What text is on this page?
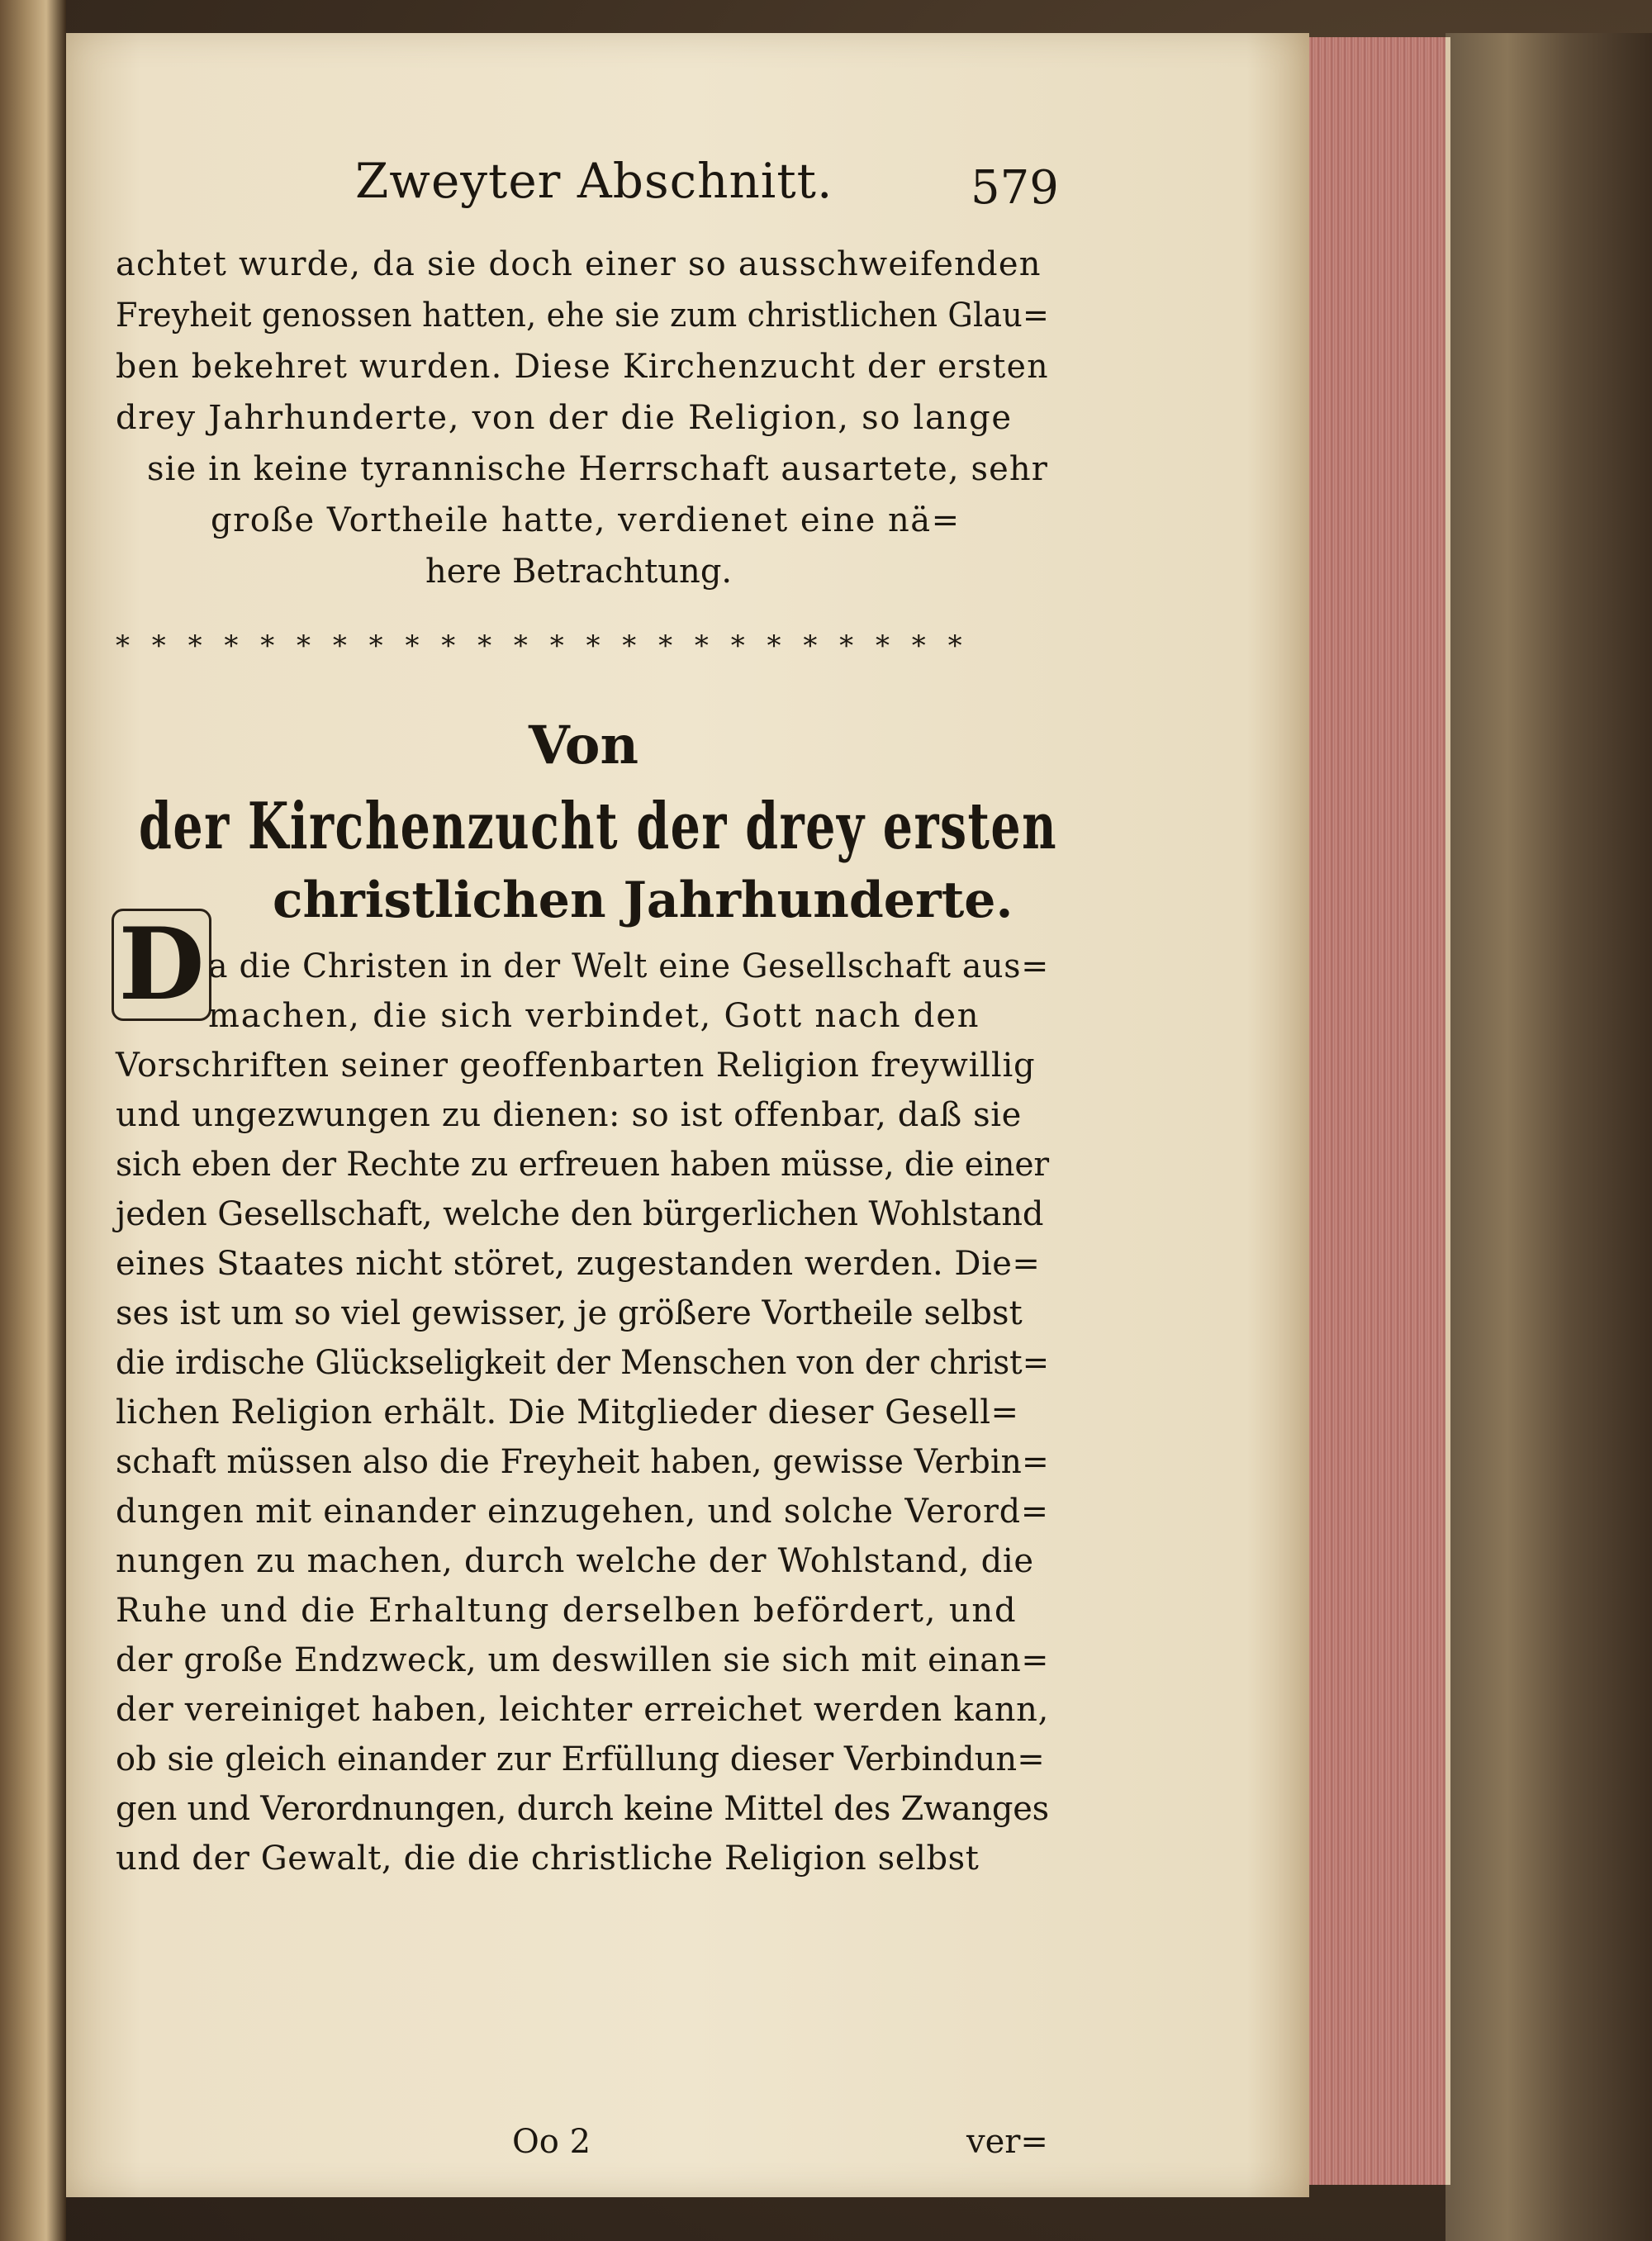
Zweyter Abschnitt.	579
achtet wurde, da sie doch einer so ausschweifenden
Freyheit genossen hatten, ehe sie zum christlichen Glau=
ben bekehret wurden. Diese Kirchenzucht der ersten
drey Jahrhunderte, von der die Religion, so lange
sie in keine tyrannische Herrschaft ausartete, sehr
große Vortheile hatte, verdienet eine nä=
here Betrachtung.
* * * * * * * * * * * * * * * * * * * * * * * *
Von
der Kirchenzucht der drey ersten
christlichen Jahrhunderte.
D a die Christen in der Welt eine Gesellschaft aus=
machen, die sich verbindet, Gott nach den
Vorschriften seiner geoffenbarten Religion freywillig
und ungezwungen zu dienen: so ist offenbar, daß sie
sich eben der Rechte zu erfreuen haben müsse, die einer
jeden Gesellschaft, welche den bürgerlichen Wohlstand
eines Staates nicht störet, zugestanden werden. Die=
ses ist um so viel gewisser, je größere Vortheile selbst
die irdische Glückseligkeit der Menschen von der christ=
lichen Religion erhält. Die Mitglieder dieser Gesell=
schaft müssen also die Freyheit haben, gewisse Verbin=
dungen mit einander einzugehen, und solche Verord=
nungen zu machen, durch welche der Wohlstand, die
Ruhe und die Erhaltung derselben befördert, und
der große Endzweck, um deswillen sie sich mit einan=
der vereiniget haben, leichter erreichet werden kann,
ob sie gleich einander zur Erfüllung dieser Verbindun=
gen und Verordnungen, durch keine Mittel des Zwanges
und der Gewalt, die die christliche Religion selbst
Oo 2	ver=
